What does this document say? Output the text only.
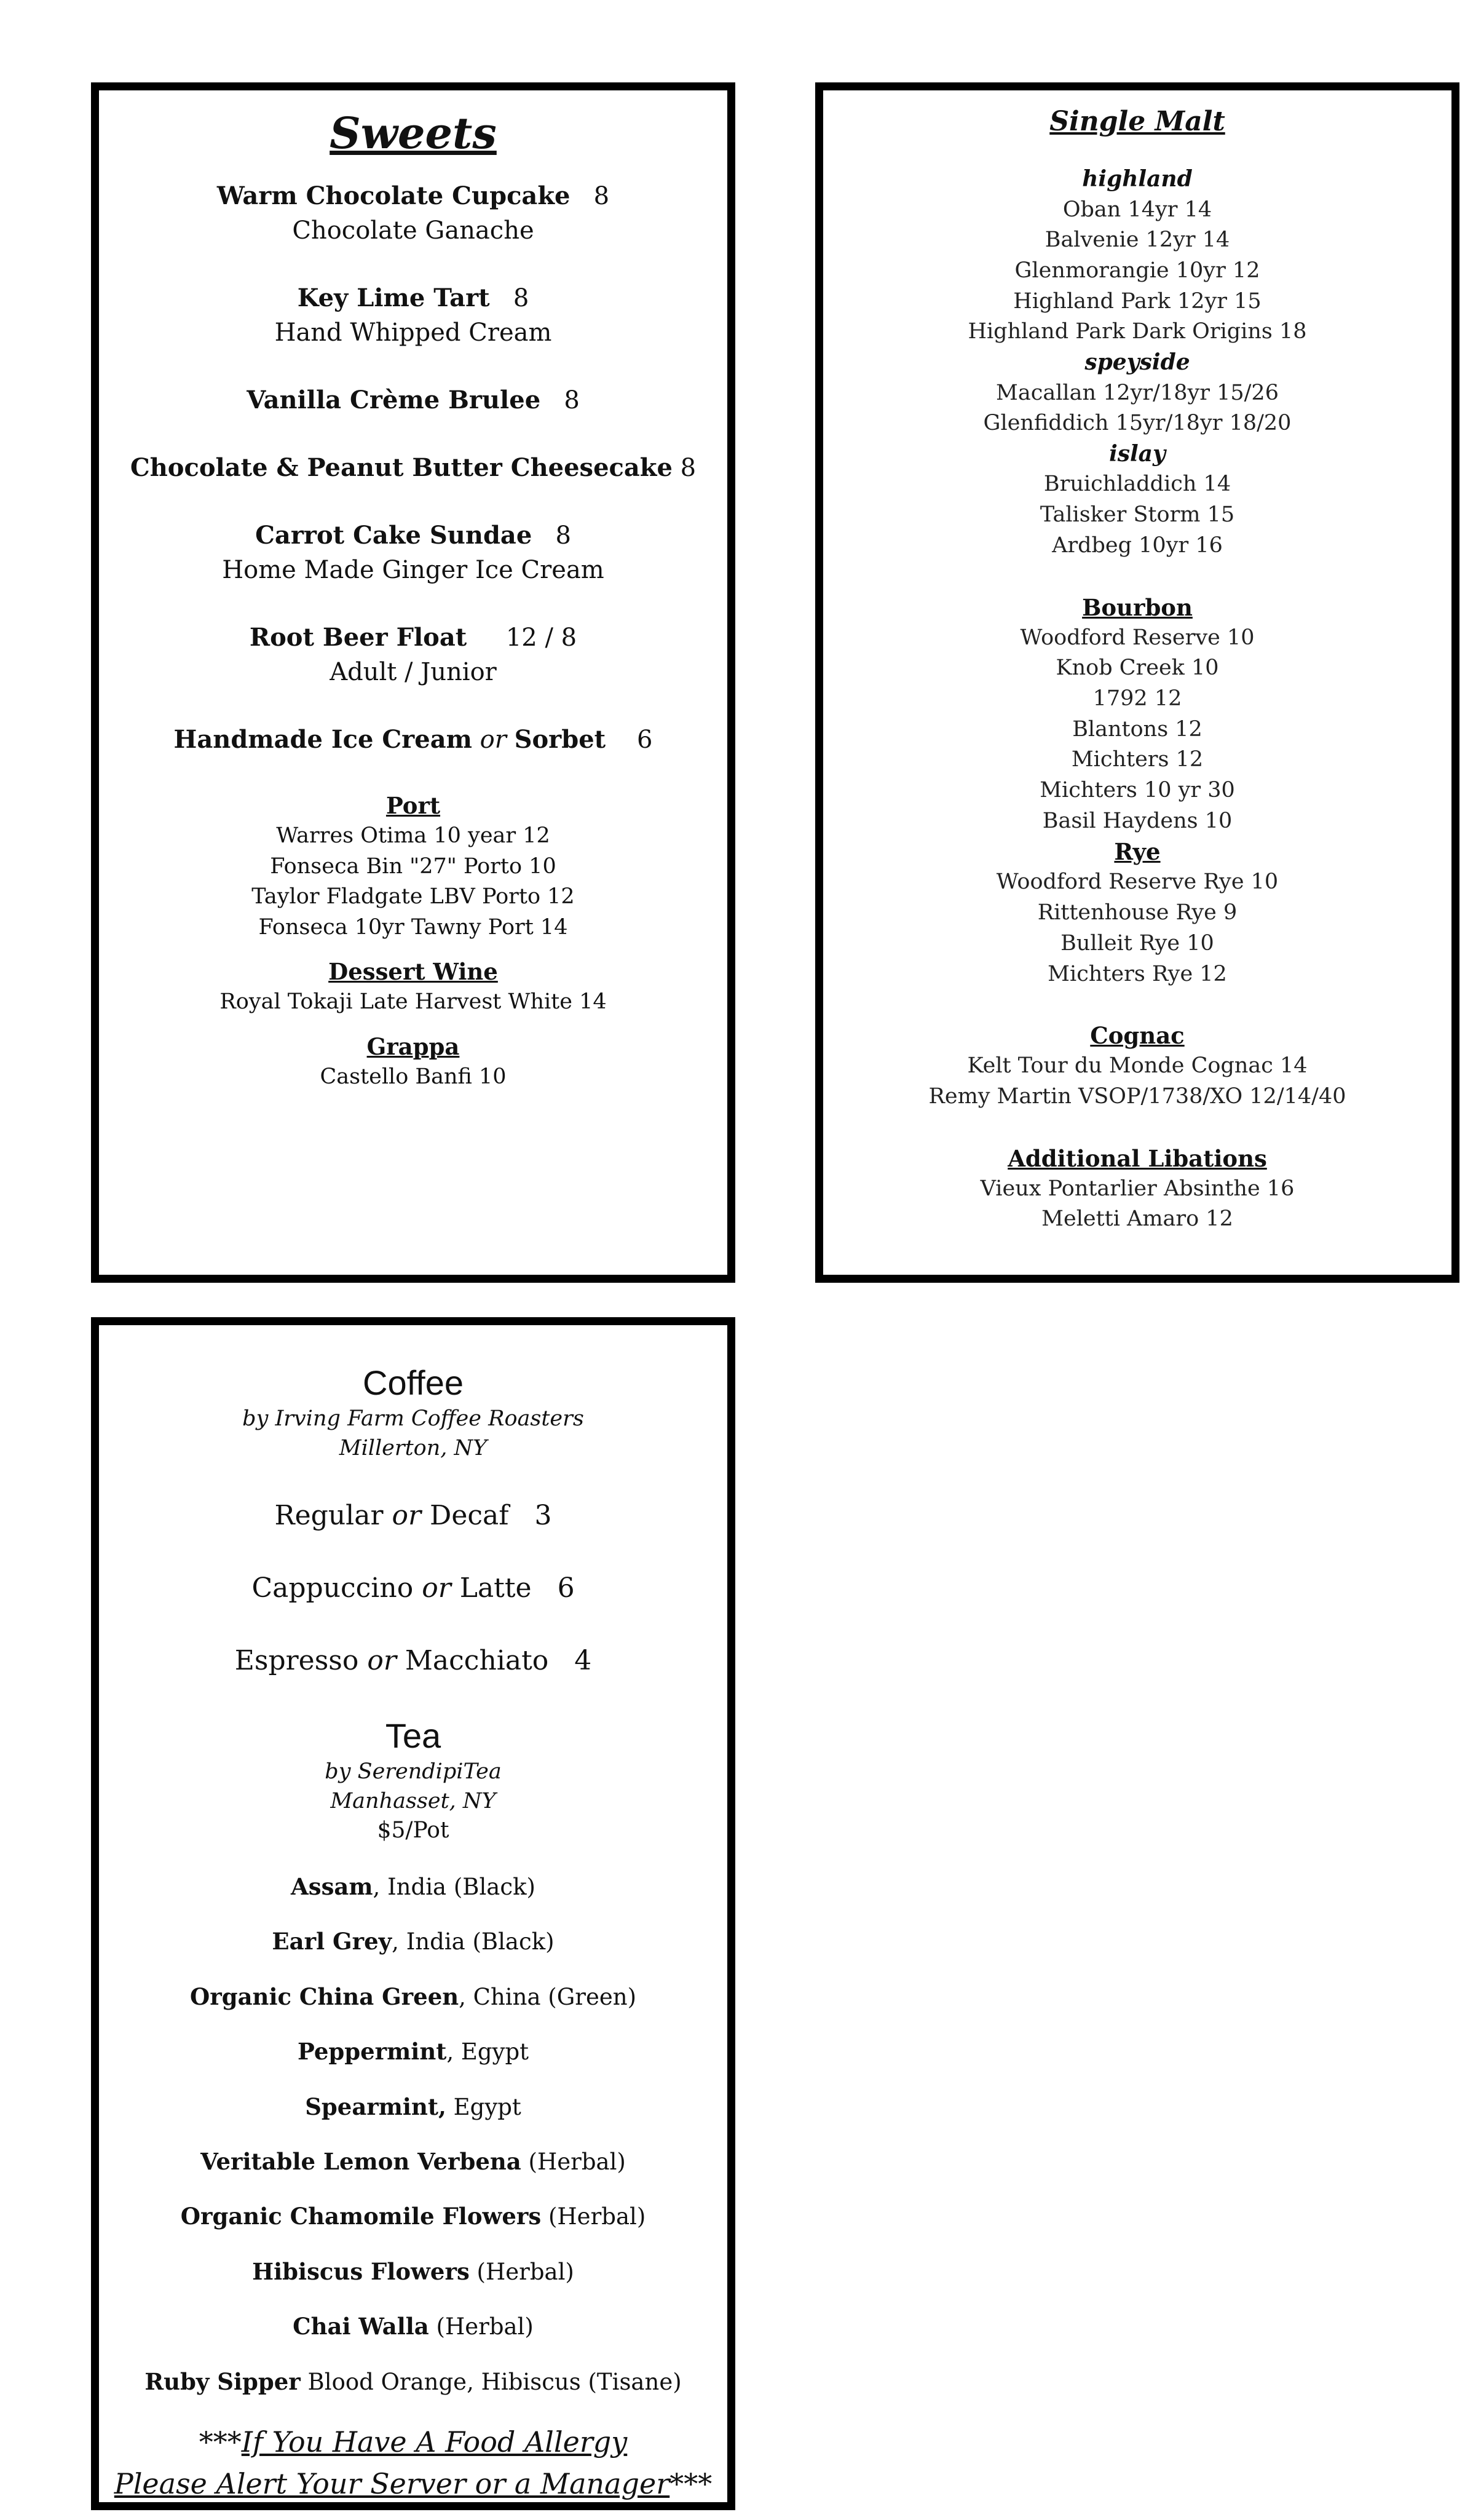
Sweets
Warm Chocolate Cupcake 8
Chocolate Ganache
Key Lime Tart 8
Hand Whipped Cream
Vanilla Crème Brulee 8
Chocolate & Peanut Butter Cheesecake 8
Carrot Cake Sundae 8
Home Made Ginger Ice Cream
Root Beer Float 12 / 8
Adult / Junior
Handmade Ice Cream or Sorbet 6
Port
Warres Otima 10 year 12
Fonseca Bin "27" Porto 10
Taylor Fladgate LBV Porto 12
Fonseca 10yr Tawny Port 14
Dessert Wine
Royal Tokaji Late Harvest White 14
Grappa
Castello Banfi 10
Single Malt
highland
Oban 14yr 14
Balvenie 12yr 14
Glenmorangie 10yr 12
Highland Park 12yr 15
Highland Park Dark Origins 18
speyside
Macallan 12yr/18yr 15/26
Glenfiddich 15yr/18yr 18/20
islay
Bruichladdich 14
Talisker Storm 15
Ardbeg 10yr 16
Bourbon
Woodford Reserve 10
Knob Creek 10
1792 12
Blantons 12
Michters 12
Michters 10 yr 30
Basil Haydens 10
Rye
Woodford Reserve Rye 10
Rittenhouse Rye 9
Bulleit Rye 10
Michters Rye 12
Cognac
Kelt Tour du Monde Cognac 14
Remy Martin VSOP/1738/XO 12/14/40
Additional Libations
Vieux Pontarlier Absinthe 16
Meletti Amaro 12
Coffee
by Irving Farm Coffee Roasters
Millerton, NY
Regular or Decaf 3
Cappuccino or Latte 6
Espresso or Macchiato 4
Tea
by SerendipiTea
Manhasset, NY
$5/Pot
Assam, India (Black)
Earl Grey, India (Black)
Organic China Green, China (Green)
Peppermint, Egypt
Spearmint, Egypt
Veritable Lemon Verbena (Herbal)
Organic Chamomile Flowers (Herbal)
Hibiscus Flowers (Herbal)
Chai Walla (Herbal)
Ruby Sipper Blood Orange, Hibiscus (Tisane)
***If You Have A Food Allergy
Please Alert Your Server or a Manager***
